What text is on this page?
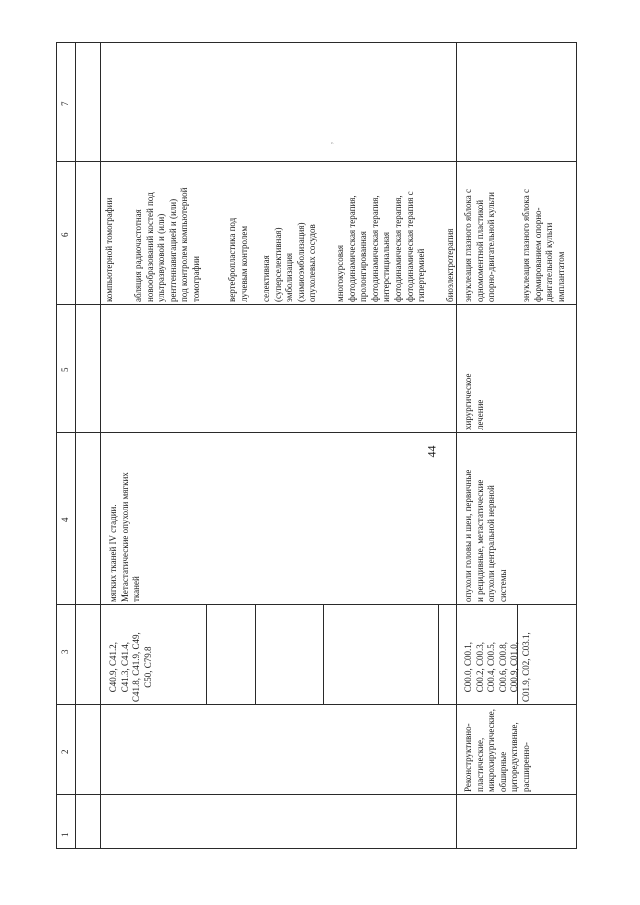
44
,
1
2
3
4
5
6
7
C40.9, C41.2, C41.3, C41.4, C41.8, C41.9, C49, C50, C79.8
мягких тканей IV стадии. Метастатические опухоли мягких тканей
компьютерной томографии абляция радиочастотная новообразований костей под ультразвуковой и (или) рентгеннавигацией и (или) под контролем компьютерной томографии	вертебропластика под лучевым контролем селективная (суперселективная) эмболизация (химиоэмболизация) опухолевых сосудов многокурсовая фотодинамическая терапия, пролонгированная фотодинамическая терапия, интерстициальная фотодинамическая терапия, фотодинамическая терапия с гипертермией биоэлектротерапия
Реконструктивно- пластические, микрохирургические, обширные циторедуктивные, расширенно-
C00.0, C00.1, C00.2, C00.3, C00.4, C00.5, C00.6, C00.8, C00.9, C01.0, C01.9, C02, C03.1,
опухоли головы и шеи, первичные и рецидивные, метастатические опухоли центральной нервной системы
хирургическое лечение
энуклеация глазного яблока с одномоментной пластикой опорно-двигательной культи	энуклеация глазного яблока с формированием опорно- двигательной культи имплантатом
